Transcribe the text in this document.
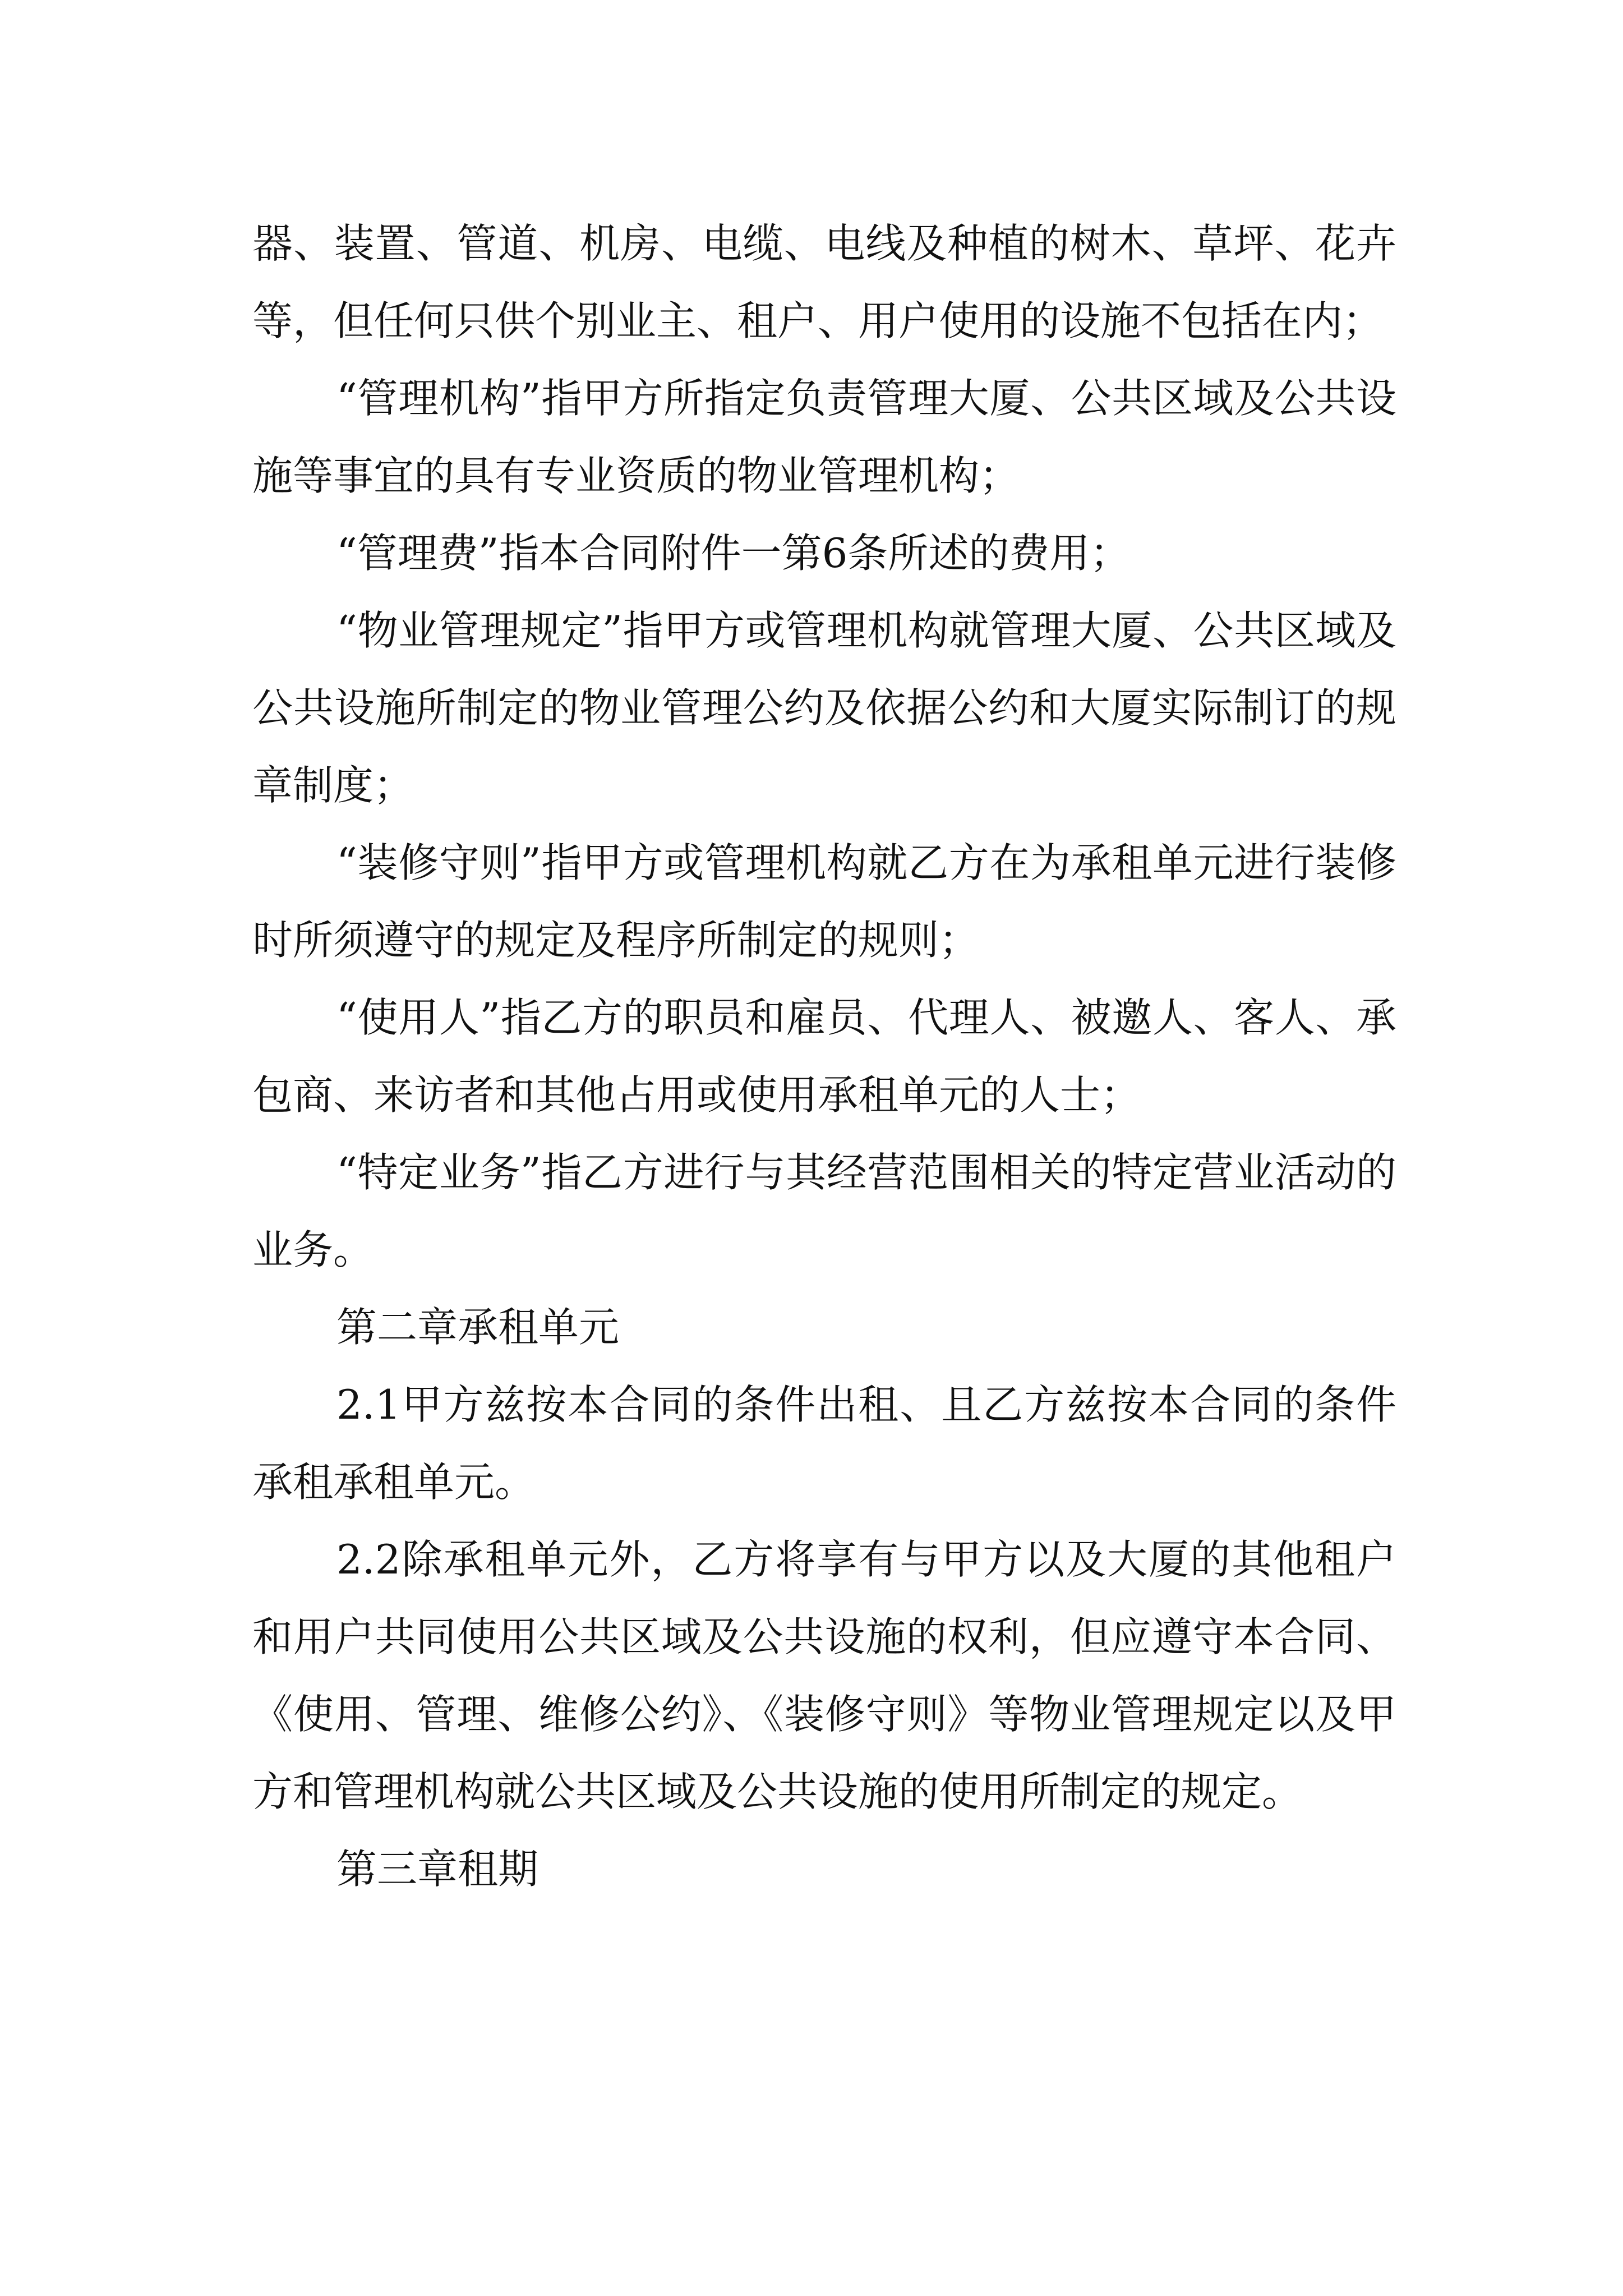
器、装置、管道、机房、电缆、电线及种植的树木、草坪、花卉等，但任何只供个别业主、租户、用户使用的设施不包括在内；

“管理机构”指甲方所指定负责管理大厦、公共区域及公共设施等事宜的具有专业资质的物业管理机构；

“管理费”指本合同附件一第6条所述的费用；

“物业管理规定”指甲方或管理机构就管理大厦、公共区域及公共设施所制定的物业管理公约及依据公约和大厦实际制订的规章制度；

“装修守则”指甲方或管理机构就乙方在为承租单元进行装修时所须遵守的规定及程序所制定的规则；

“使用人”指乙方的职员和雇员、代理人、被邀人、客人、承包商、来访者和其他占用或使用承租单元的人士；

“特定业务”指乙方进行与其经营范围相关的特定营业活动的业务。

第二章承租单元

2.1甲方兹按本合同的条件出租、且乙方兹按本合同的条件承租承租单元。

2.2除承租单元外，乙方将享有与甲方以及大厦的其他租户和用户共同使用公共区域及公共设施的权利，但应遵守本合同、《使用、管理、维修公约》、《装修守则》等物业管理规定以及甲方和管理机构就公共区域及公共设施的使用所制定的规定。

第三章租期
